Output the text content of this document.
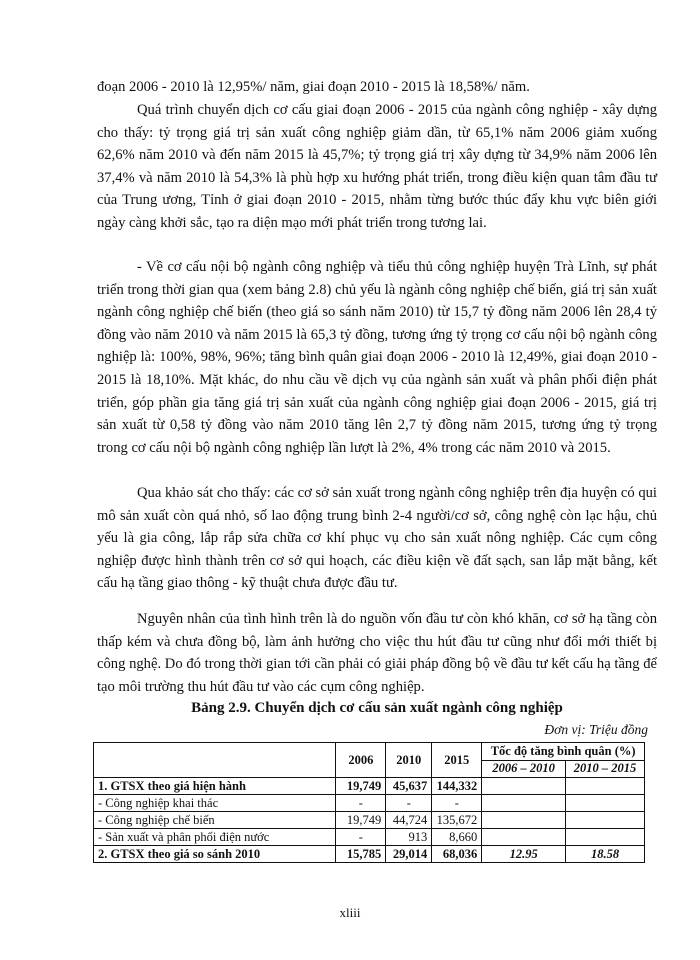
đoạn 2006 - 2010 là 12,95%/ năm, giai đoạn 2010 - 2015 là 18,58%/ năm.

Quá trình chuyển dịch cơ cấu giai đoạn 2006 - 2015 của ngành công nghiệp - xây dựng cho thấy: tỷ trọng giá trị sản xuất công nghiệp giảm dần, từ 65,1% năm 2006 giảm xuống 62,6% năm 2010 và đến năm 2015 là 45,7%; tỷ trọng giá trị xây dựng từ 34,9% năm 2006 lên 37,4% và năm 2010 là 54,3% là phù hợp xu hướng phát triển, trong điều kiện quan tâm đầu tư của Trung ương, Tỉnh ở giai đoạn 2010 - 2015, nhằm từng bước thúc đẩy khu vực biên giới ngày càng khởi sắc, tạo ra diện mạo mới phát triển trong tương lai.

- Về cơ cấu nội bộ ngành công nghiệp và tiểu thủ công nghiệp huyện Trà Lĩnh, sự phát triển trong thời gian qua (xem bảng 2.8) chủ yếu là ngành công nghiệp chế biến, giá trị sản xuất ngành công nghiệp chế biến (theo giá so sánh năm 2010) từ 15,7 tỷ đồng năm 2006 lên 28,4 tỷ đồng vào năm 2010 và năm 2015 là 65,3 tỷ đồng, tương ứng tỷ trọng cơ cấu nội bộ ngành công nghiệp là: 100%, 98%, 96%; tăng bình quân giai đoạn 2006 - 2010 là 12,49%, giai đoạn 2010 - 2015 là 18,10%. Mặt khác, do nhu cầu về dịch vụ của ngành sản xuất và phân phối điện phát triển, góp phần gia tăng giá trị sản xuất của ngành công nghiệp giai đoạn 2006 - 2015, giá trị sản xuất từ 0,58 tỷ đồng vào năm 2010 tăng lên 2,7 tỷ đồng năm 2015, tương ứng tỷ trọng trong cơ cấu nội bộ ngành công nghiệp lần lượt là 2%, 4% trong các năm 2010 và 2015.

Qua khảo sát cho thấy: các cơ sở sản xuất trong ngành công nghiệp trên địa huyện có qui mô sản xuất còn quá nhỏ, số lao động trung bình 2-4 người/cơ sở, công nghệ còn lạc hậu, chủ yếu là gia công, lắp rắp sửa chữa cơ khí phục vụ cho sản xuất nông nghiệp. Các cụm công nghiệp được hình thành trên cơ sở qui hoạch, các điều kiện về đất sạch, san lắp mặt bằng, kết cấu hạ tầng giao thông - kỹ thuật chưa được đầu tư.

Nguyên nhân của tình hình trên là do nguồn vốn đầu tư còn khó khăn, cơ sở hạ tầng còn thấp kém và chưa đồng bộ, làm ảnh hưởng cho việc thu hút đầu tư cũng như đổi mới thiết bị công nghệ. Do đó trong thời gian tới cần phải có giải pháp đồng bộ về đầu tư kết cấu hạ tầng để tạo môi trường thu hút đầu tư vào các cụm công nghiệp.

Bảng 2.9. Chuyển dịch cơ cấu sản xuất ngành công nghiệp

Đơn vị: Triệu đồng
	2006	2010	2015	Tốc độ tăng bình quân (%)	
				2006 – 2010	2010 – 2015
1. GTSX theo giá hiện hành	19,749	45,637	144,332		
- Công nghiệp khai thác	-	-	-		
- Công nghiệp chế biến	19,749	44,724	135,672		
- Sản xuất và phân phối điện nước	-	913	8,660		
2. GTSX theo giá so sánh 2010	15,785	29,014	68,036	12.95	18.58
xliii
